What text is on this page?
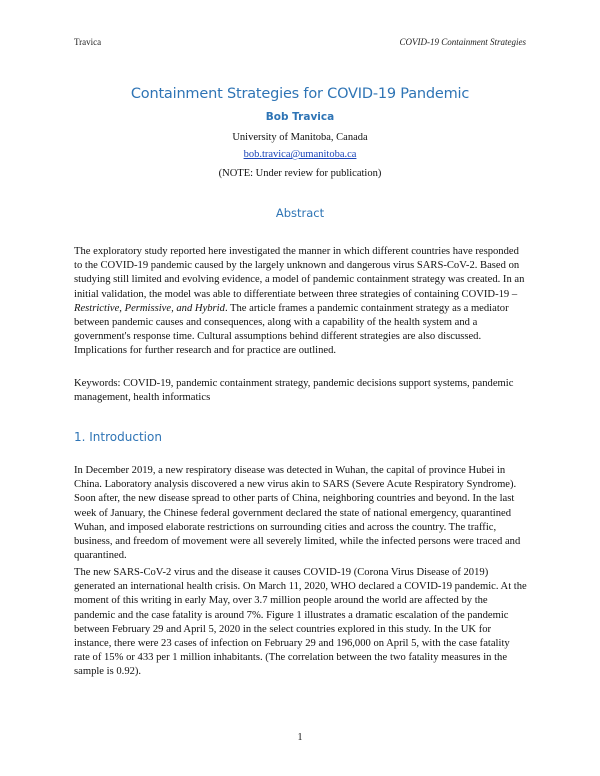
Travica	COVID-19 Containment Strategies
Containment Strategies for COVID-19 Pandemic
Bob Travica
University of Manitoba, Canada
bob.travica@umanitoba.ca
(NOTE: Under review for publication)
Abstract

The exploratory study reported here investigated the manner in which different countries have responded to the COVID-19 pandemic caused by the largely unknown and dangerous virus SARS-CoV-2. Based on studying still limited and evolving evidence, a model of pandemic containment strategy was created. In an initial validation, the model was able to differentiate between three strategies of containing COVID-19 – Restrictive, Permissive, and Hybrid. The article frames a pandemic containment strategy as a mediator between pandemic causes and consequences, along with a capability of the health system and a government's response time. Cultural assumptions behind different strategies are also discussed. Implications for further research and for practice are outlined.

Keywords: COVID-19, pandemic containment strategy, pandemic decisions support systems, pandemic management, health informatics

1. Introduction

In December 2019, a new respiratory disease was detected in Wuhan, the capital of province Hubei in China. Laboratory analysis discovered a new virus akin to SARS (Severe Acute Respiratory Syndrome). Soon after, the new disease spread to other parts of China, neighboring countries and beyond. In the last week of January, the Chinese federal government declared the state of national emergency, quarantined Wuhan, and imposed elaborate restrictions on surrounding cities and across the country. The traffic, business, and freedom of movement were all severely limited, while the infected persons were traced and quarantined.

The new SARS-CoV-2 virus and the disease it causes COVID-19 (Corona Virus Disease of 2019) generated an international health crisis. On March 11, 2020, WHO declared a COVID-19 pandemic. At the moment of this writing in early May, over 3.7 million people around the world are affected by the pandemic and the case fatality is around 7%. Figure 1 illustrates a dramatic escalation of the pandemic between February 29 and April 5, 2020 in the select countries explored in this study. In the UK for instance, there were 23 cases of infection on February 29 and 196,000 on April 5, with the case fatality rate of 15% or 433 per 1 million inhabitants. (The correlation between the two fatality measures in the sample is 0.92).

1
